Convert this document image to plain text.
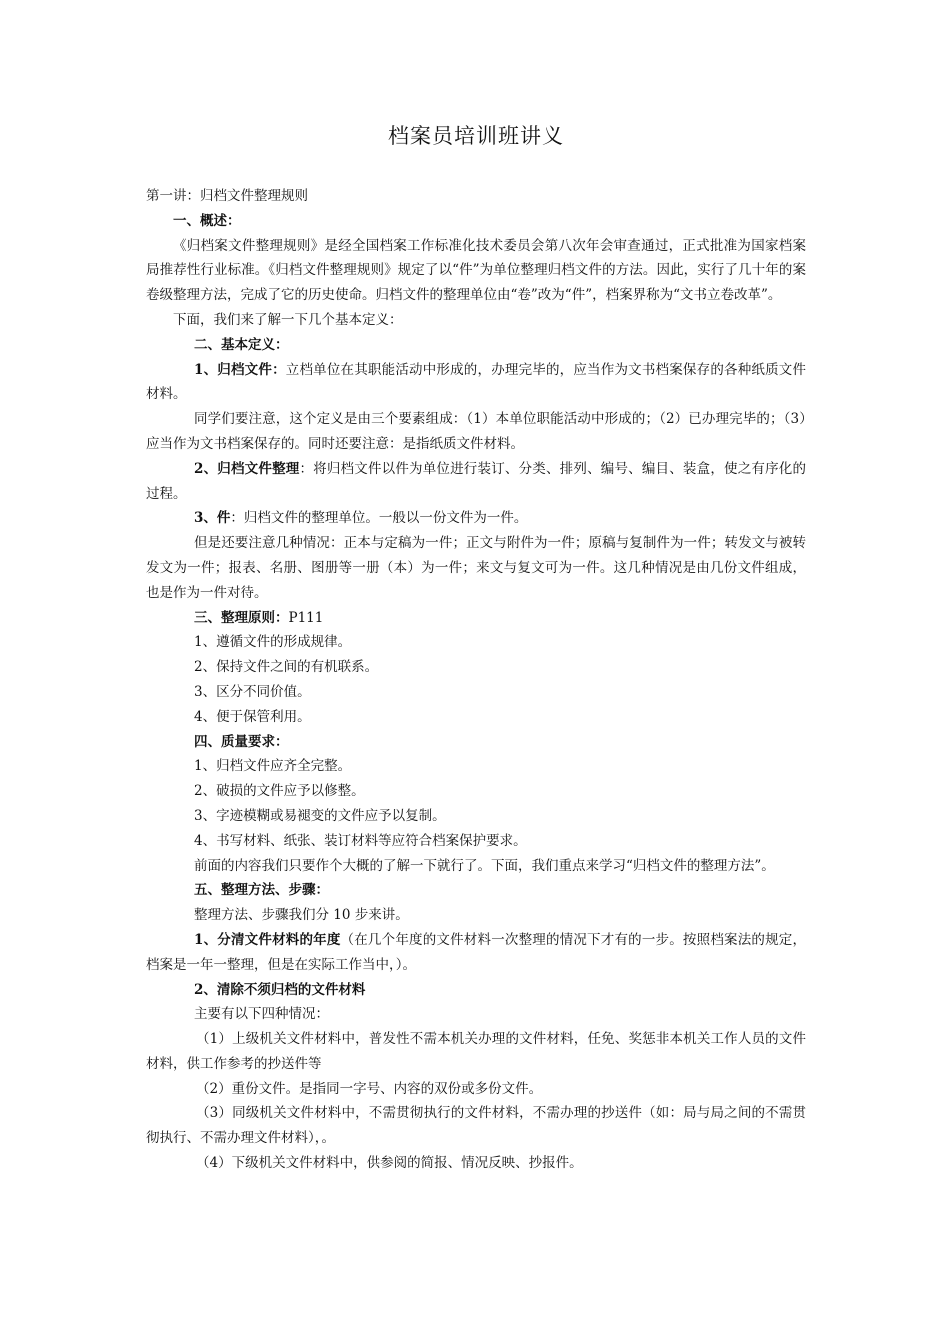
档案员培训班讲义

第一讲：归档文件整理规则

一、概述：

《归档案文件整理规则》是经全国档案工作标准化技术委员会第八次年会审查通过，正式批准为国家档案局推荐性行业标准。《归档文件整理规则》规定了以“件”为单位整理归档文件的方法。因此，实行了几十年的案卷级整理方法，完成了它的历史使命。归档文件的整理单位由“卷”改为“件”，档案界称为“文书立卷改革”。

下面，我们来了解一下几个基本定义：

二、基本定义：

1、归档文件：立档单位在其职能活动中形成的，办理完毕的，应当作为文书档案保存的各种纸质文件材料。

同学们要注意，这个定义是由三个要素组成：（1）本单位职能活动中形成的；（2）已办理完毕的；（3）应当作为文书档案保存的。同时还要注意：是指纸质文件材料。

2、归档文件整理：将归档文件以件为单位进行装订、分类、排列、编号、编目、装盒，使之有序化的过程。

3、件：归档文件的整理单位。一般以一份文件为一件。

但是还要注意几种情况：正本与定稿为一件；正文与附件为一件；原稿与复制件为一件；转发文与被转发文为一件；报表、名册、图册等一册（本）为一件；来文与复文可为一件。这几种情况是由几份文件组成，也是作为一件对待。

三、整理原则：P111

1、遵循文件的形成规律。

2、保持文件之间的有机联系。

3、区分不同价值。

4、便于保管利用。

四、质量要求：

1、归档文件应齐全完整。

2、破损的文件应予以修整。

3、字迹模糊或易褪变的文件应予以复制。

4、书写材料、纸张、装订材料等应符合档案保护要求。

前面的内容我们只要作个大概的了解一下就行了。下面，我们重点来学习“归档文件的整理方法”。

五、整理方法、步骤：

整理方法、步骤我们分 10 步来讲。

1、分清文件材料的年度（在几个年度的文件材料一次整理的情况下才有的一步。按照档案法的规定，档案是一年一整理，但是在实际工作当中，）。

2、清除不须归档的文件材料

主要有以下四种情况：

（1）上级机关文件材料中，普发性不需本机关办理的文件材料，任免、奖惩非本机关工作人员的文件材料，供工作参考的抄送件等

（2）重份文件。是指同一字号、内容的双份或多份文件。

（3）同级机关文件材料中，不需贯彻执行的文件材料，不需办理的抄送件（如：局与局之间的不需贯彻执行、不需办理文件材料），。

（4）下级机关文件材料中，供参阅的简报、情况反映、抄报件。
